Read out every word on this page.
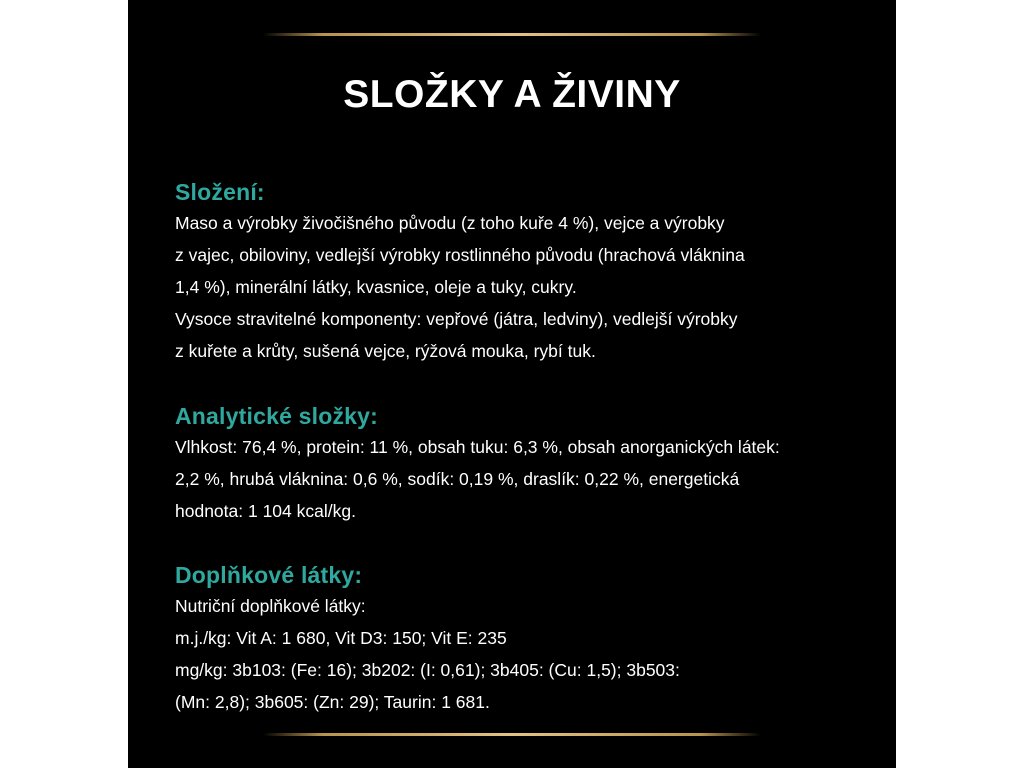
SLOŽKY A ŽIVINY
Složení:

Maso a výrobky živočišného původu (z toho kuře 4 %), vejce a výrobky

z vajec, obiloviny, vedlejší výrobky rostlinného původu (hrachová vláknina

1,4 %), minerální látky, kvasnice, oleje a tuky, cukry.

Vysoce stravitelné komponenty: vepřové (játra, ledviny), vedlejší výrobky

z kuřete a krůty, sušená vejce, rýžová mouka, rybí tuk.

Analytické složky:

Vlhkost: 76,4 %, protein: 11 %, obsah tuku: 6,3 %, obsah anorganických látek:

2,2 %, hrubá vláknina: 0,6 %, sodík: 0,19 %, draslík: 0,22 %, energetická

hodnota: 1 104 kcal/kg.

Doplňkové látky:

Nutriční doplňkové látky:

m.j./kg: Vit A: 1 680, Vit D3: 150; Vit E: 235

mg/kg: 3b103: (Fe: 16); 3b202: (I: 0,61); 3b405: (Cu: 1,5); 3b503:

(Mn: 2,8); 3b605: (Zn: 29); Taurin: 1 681.
